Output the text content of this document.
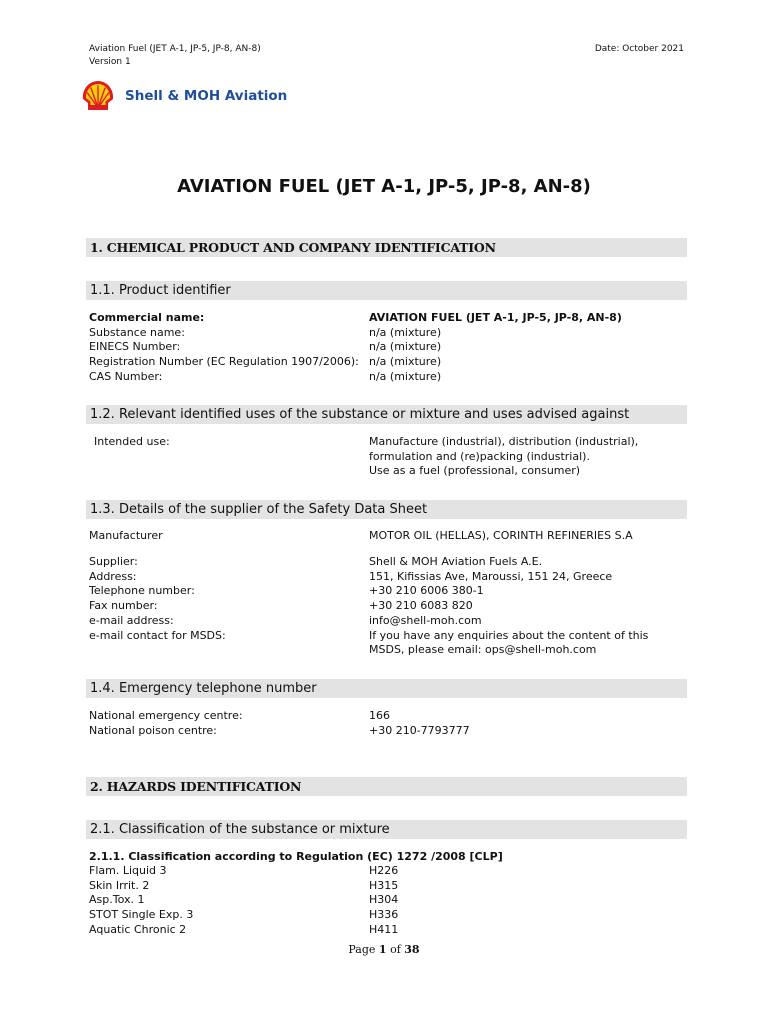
Aviation Fuel (JET A-1, JP-5, JP-8, AN-8)
Version 1
Date: October 2021
Shell & MOH Aviation
AVIATION FUEL (JET A-1, JP-5, JP-8, AN-8)
1. CHEMICAL PRODUCT AND COMPANY IDENTIFICATION
1.1. Product identifier
Commercial name:	AVIATION FUEL (JET A-1, JP-5, JP-8, AN-8)
Substance name:	n/a (mixture)
EINECS Number:	n/a (mixture)
Registration Number (EC Regulation 1907/2006): n/a (mixture)
CAS Number:	n/a (mixture)
1.2. Relevant identified uses of the substance or mixture and uses advised against
Intended use:	Manufacture (industrial), distribution (industrial),
formulation and (re)packing (industrial).
Use as a fuel (professional, consumer)
1.3. Details of the supplier of the Safety Data Sheet
Manufacturer	MOTOR OIL (HELLAS), CORINTH REFINERIES S.A
Supplier:	Shell & MOH Aviation Fuels A.E.
Address:	151, Kifissias Ave, Maroussi, 151 24, Greece
Telephone number:	+30 210 6006 380-1
Fax number:	+30 210 6083 820
e-mail address:	info@shell-moh.com
e-mail contact for MSDS:	If you have any enquiries about the content of this
MSDS, please email: ops@shell-moh.com
1.4. Emergency telephone number
National emergency centre:	166
National poison centre:	+30 210-7793777
2. HAZARDS IDENTIFICATION
2.1. Classification of the substance or mixture
2.1.1. Classification according to Regulation (EC) 1272 /2008 [CLP]
Flam. Liquid 3	H226
Skin Irrit. 2	H315
Asp.Tox. 1	H304
STOT Single Exp. 3	H336
Aquatic Chronic 2	H411
Page 1 of 38
